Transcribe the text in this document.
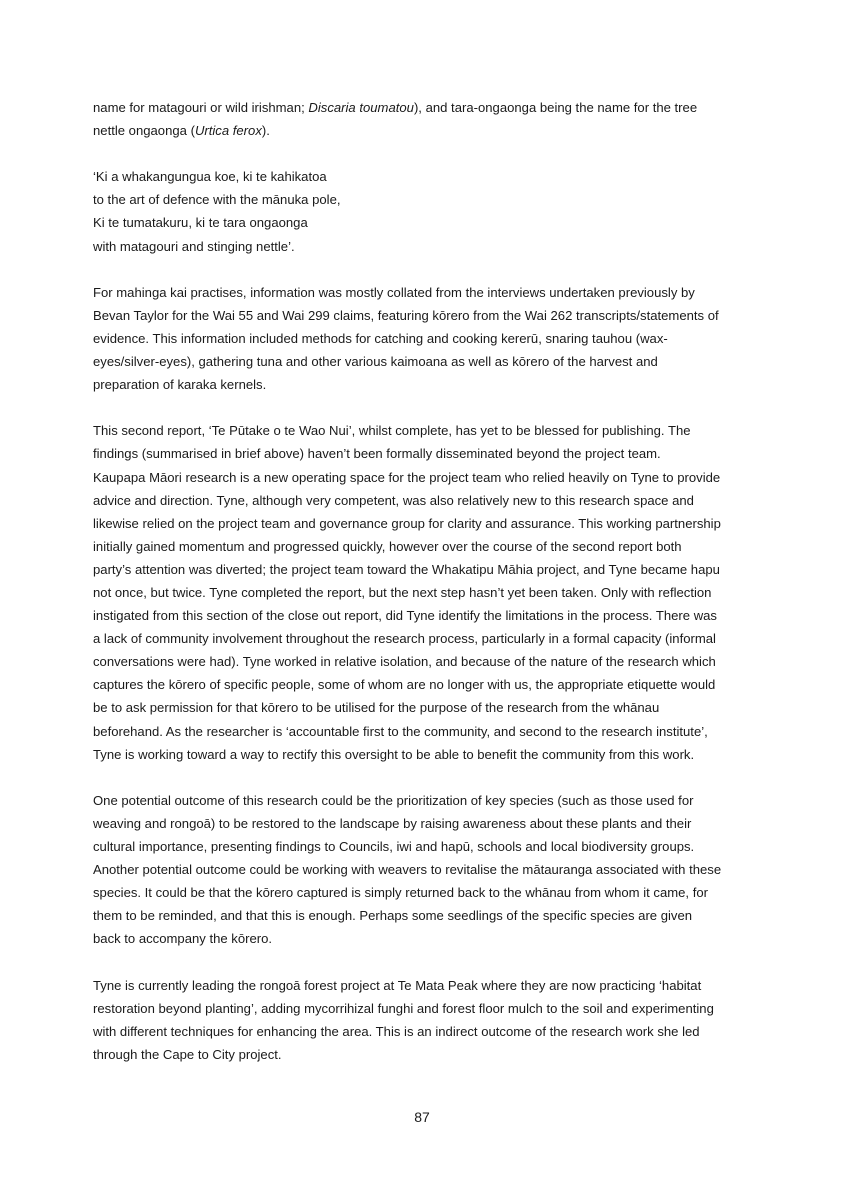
name for matagouri or wild irishman; Discaria toumatou), and tara-ongaonga being the name for the tree
nettle ongaonga (Urtica ferox).

‘Ki a whakangungua koe, ki te kahikatoa
to the art of defence with the mānuka pole,
Ki te tumatakuru, ki te tara ongaonga
with matagouri and stinging nettle’.

For mahinga kai practises, information was mostly collated from the interviews undertaken previously by
Bevan Taylor for the Wai 55 and Wai 299 claims, featuring kōrero from the Wai 262 transcripts/statements of
evidence. This information included methods for catching and cooking kererū, snaring tauhou (wax-
eyes/silver-eyes), gathering tuna and other various kaimoana as well as kōrero of the harvest and
preparation of karaka kernels.

This second report, ‘Te Pūtake o te Wao Nui’, whilst complete, has yet to be blessed for publishing. The
findings (summarised in brief above) haven’t been formally disseminated beyond the project team.
Kaupapa Māori research is a new operating space for the project team who relied heavily on Tyne to provide
advice and direction. Tyne, although very competent, was also relatively new to this research space and
likewise relied on the project team and governance group for clarity and assurance. This working partnership
initially gained momentum and progressed quickly, however over the course of the second report both
party’s attention was diverted; the project team toward the Whakatipu Māhia project, and Tyne became hapu
not once, but twice. Tyne completed the report, but the next step hasn’t yet been taken. Only with reflection
instigated from this section of the close out report, did Tyne identify the limitations in the process. There was
a lack of community involvement throughout the research process, particularly in a formal capacity (informal
conversations were had). Tyne worked in relative isolation, and because of the nature of the research which
captures the kōrero of specific people, some of whom are no longer with us, the appropriate etiquette would
be to ask permission for that kōrero to be utilised for the purpose of the research from the whānau
beforehand. As the researcher is ‘accountable first to the community, and second to the research institute’,
Tyne is working toward a way to rectify this oversight to be able to benefit the community from this work.

One potential outcome of this research could be the prioritization of key species (such as those used for
weaving and rongoā) to be restored to the landscape by raising awareness about these plants and their
cultural importance, presenting findings to Councils, iwi and hapū, schools and local biodiversity groups.
Another potential outcome could be working with weavers to revitalise the mātauranga associated with these
species. It could be that the kōrero captured is simply returned back to the whānau from whom it came, for
them to be reminded, and that this is enough. Perhaps some seedlings of the specific species are given
back to accompany the kōrero.

Tyne is currently leading the rongoā forest project at Te Mata Peak where they are now practicing ‘habitat
restoration beyond planting’, adding mycorrihizal funghi and forest floor mulch to the soil and experimenting
with different techniques for enhancing the area. This is an indirect outcome of the research work she led
through the Cape to City project.

87
